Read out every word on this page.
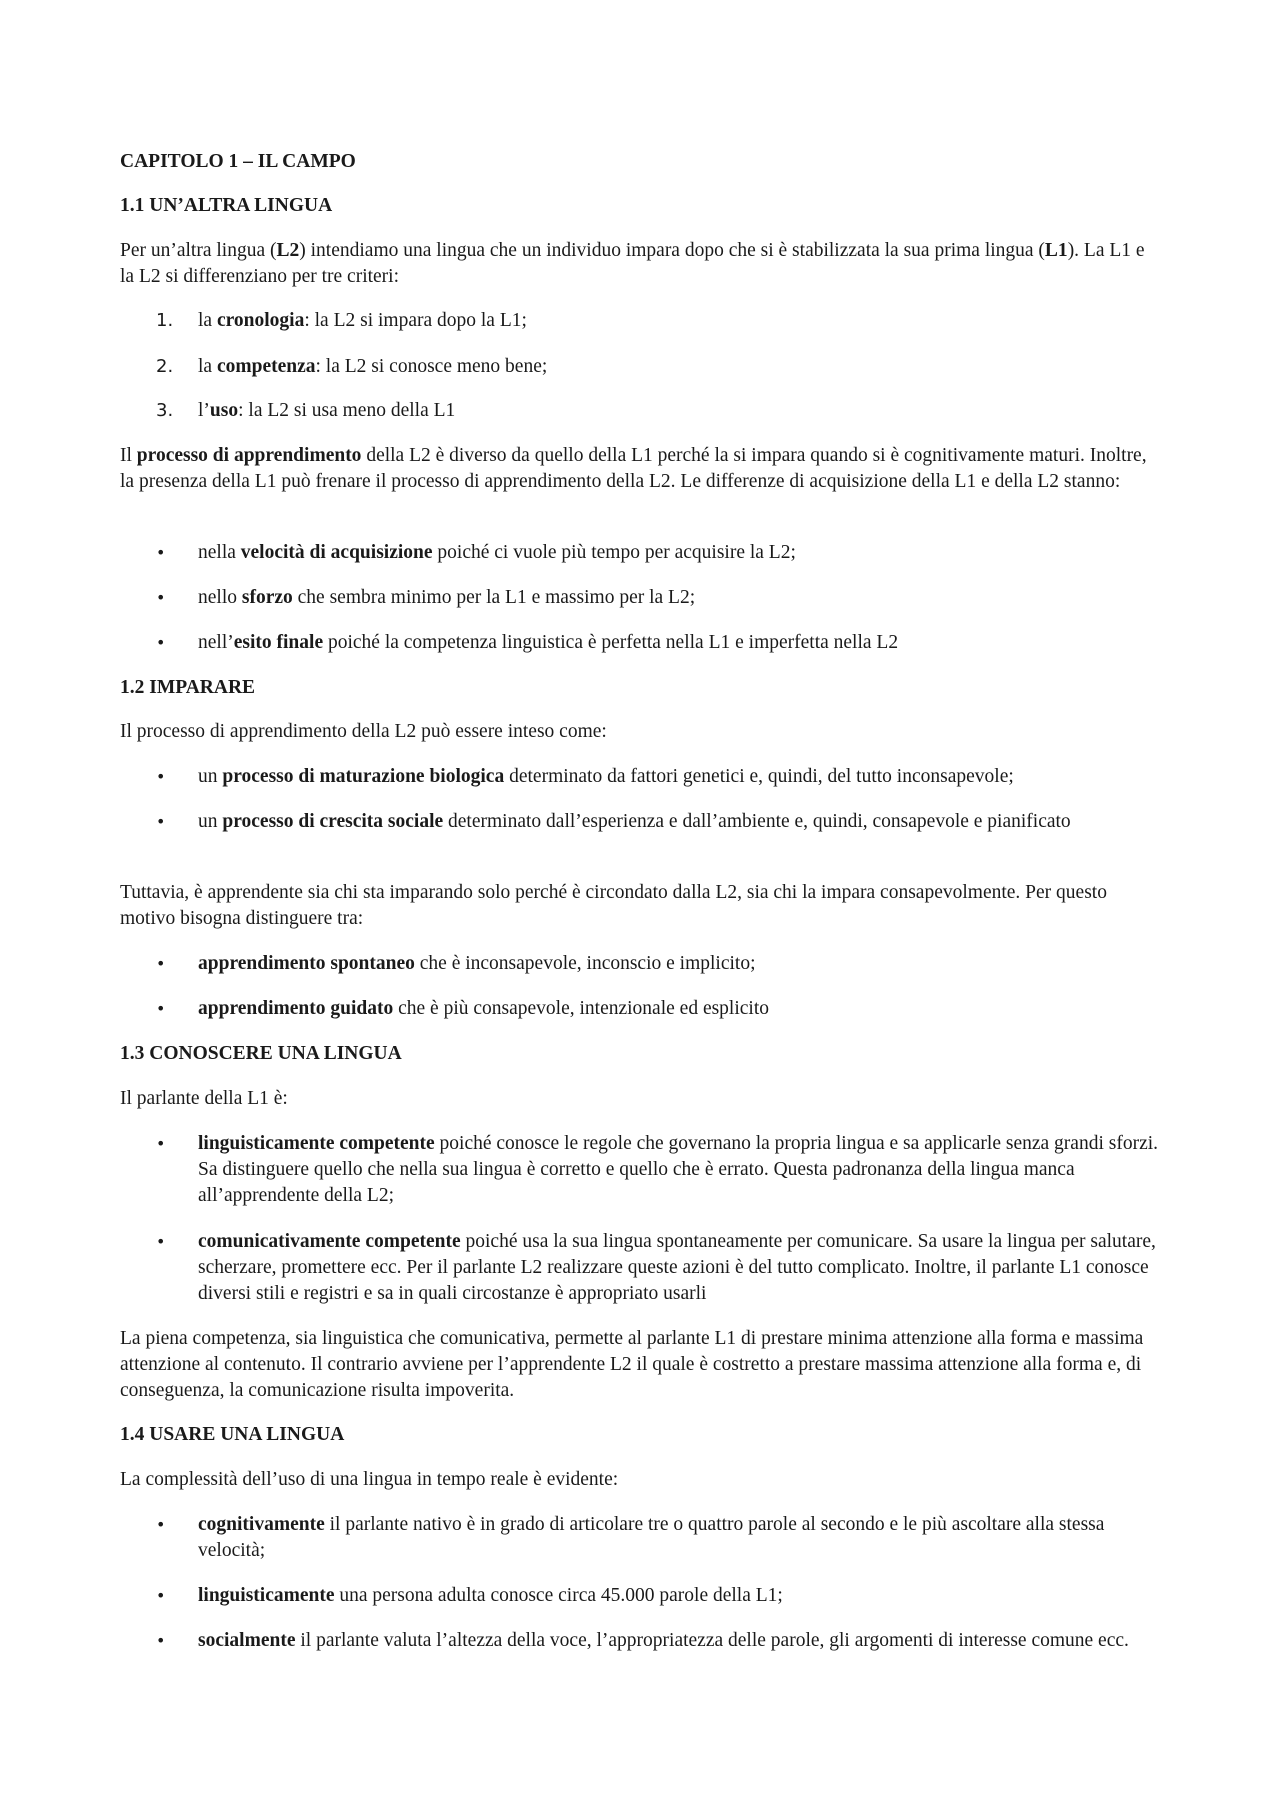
CAPITOLO 1 – IL CAMPO
1.1 UN’ALTRA LINGUA
Per un’altra lingua (L2) intendiamo una lingua che un individuo impara dopo che si è stabilizzata la sua prima lingua (L1). La L1 e la L2 si differenziano per tre criteri:
1.	la cronologia: la L2 si impara dopo la L1;
2.	la competenza: la L2 si conosce meno bene;
3.	l’uso: la L2 si usa meno della L1
Il processo di apprendimento della L2 è diverso da quello della L1 perché la si impara quando si è cognitivamente maturi. Inoltre, la presenza della L1 può frenare il processo di apprendimento della L2. Le differenze di acquisizione della L1 e della L2 stanno:
•	nella velocità di acquisizione poiché ci vuole più tempo per acquisire la L2;
•	nello sforzo che sembra minimo per la L1 e massimo per la L2;
•	nell’esito finale poiché la competenza linguistica è perfetta nella L1 e imperfetta nella L2
1.2 IMPARARE
Il processo di apprendimento della L2 può essere inteso come:
•	un processo di maturazione biologica determinato da fattori genetici e, quindi, del tutto inconsapevole;
•	un processo di crescita sociale determinato dall’esperienza e dall’ambiente e, quindi, consapevole e pianificato
Tuttavia, è apprendente sia chi sta imparando solo perché è circondato dalla L2, sia chi la impara consapevolmente. Per questo motivo bisogna distinguere tra:
•	apprendimento spontaneo che è inconsapevole, inconscio e implicito;
•	apprendimento guidato che è più consapevole, intenzionale ed esplicito
1.3 CONOSCERE UNA LINGUA
Il parlante della L1 è:
•	linguisticamente competente poiché conosce le regole che governano la propria lingua e sa applicarle senza grandi sforzi. Sa distinguere quello che nella sua lingua è corretto e quello che è errato. Questa padronanza della lingua manca all’apprendente della L2;
•	comunicativamente competente poiché usa la sua lingua spontaneamente per comunicare. Sa usare la lingua per salutare, scherzare, promettere ecc. Per il parlante L2 realizzare queste azioni è del tutto complicato. Inoltre, il parlante L1 conosce diversi stili e registri e sa in quali circostanze è appropriato usarli
La piena competenza, sia linguistica che comunicativa, permette al parlante L1 di prestare minima attenzione alla forma e massima attenzione al contenuto. Il contrario avviene per l’apprendente L2 il quale è costretto a prestare massima attenzione alla forma e, di conseguenza, la comunicazione risulta impoverita.
1.4 USARE UNA LINGUA
La complessità dell’uso di una lingua in tempo reale è evidente:
•	cognitivamente il parlante nativo è in grado di articolare tre o quattro parole al secondo e le più ascoltare alla stessa velocità;
•	linguisticamente una persona adulta conosce circa 45.000 parole della L1;
•	socialmente il parlante valuta l’altezza della voce, l’appropriatezza delle parole, gli argomenti di interesse comune ecc.
